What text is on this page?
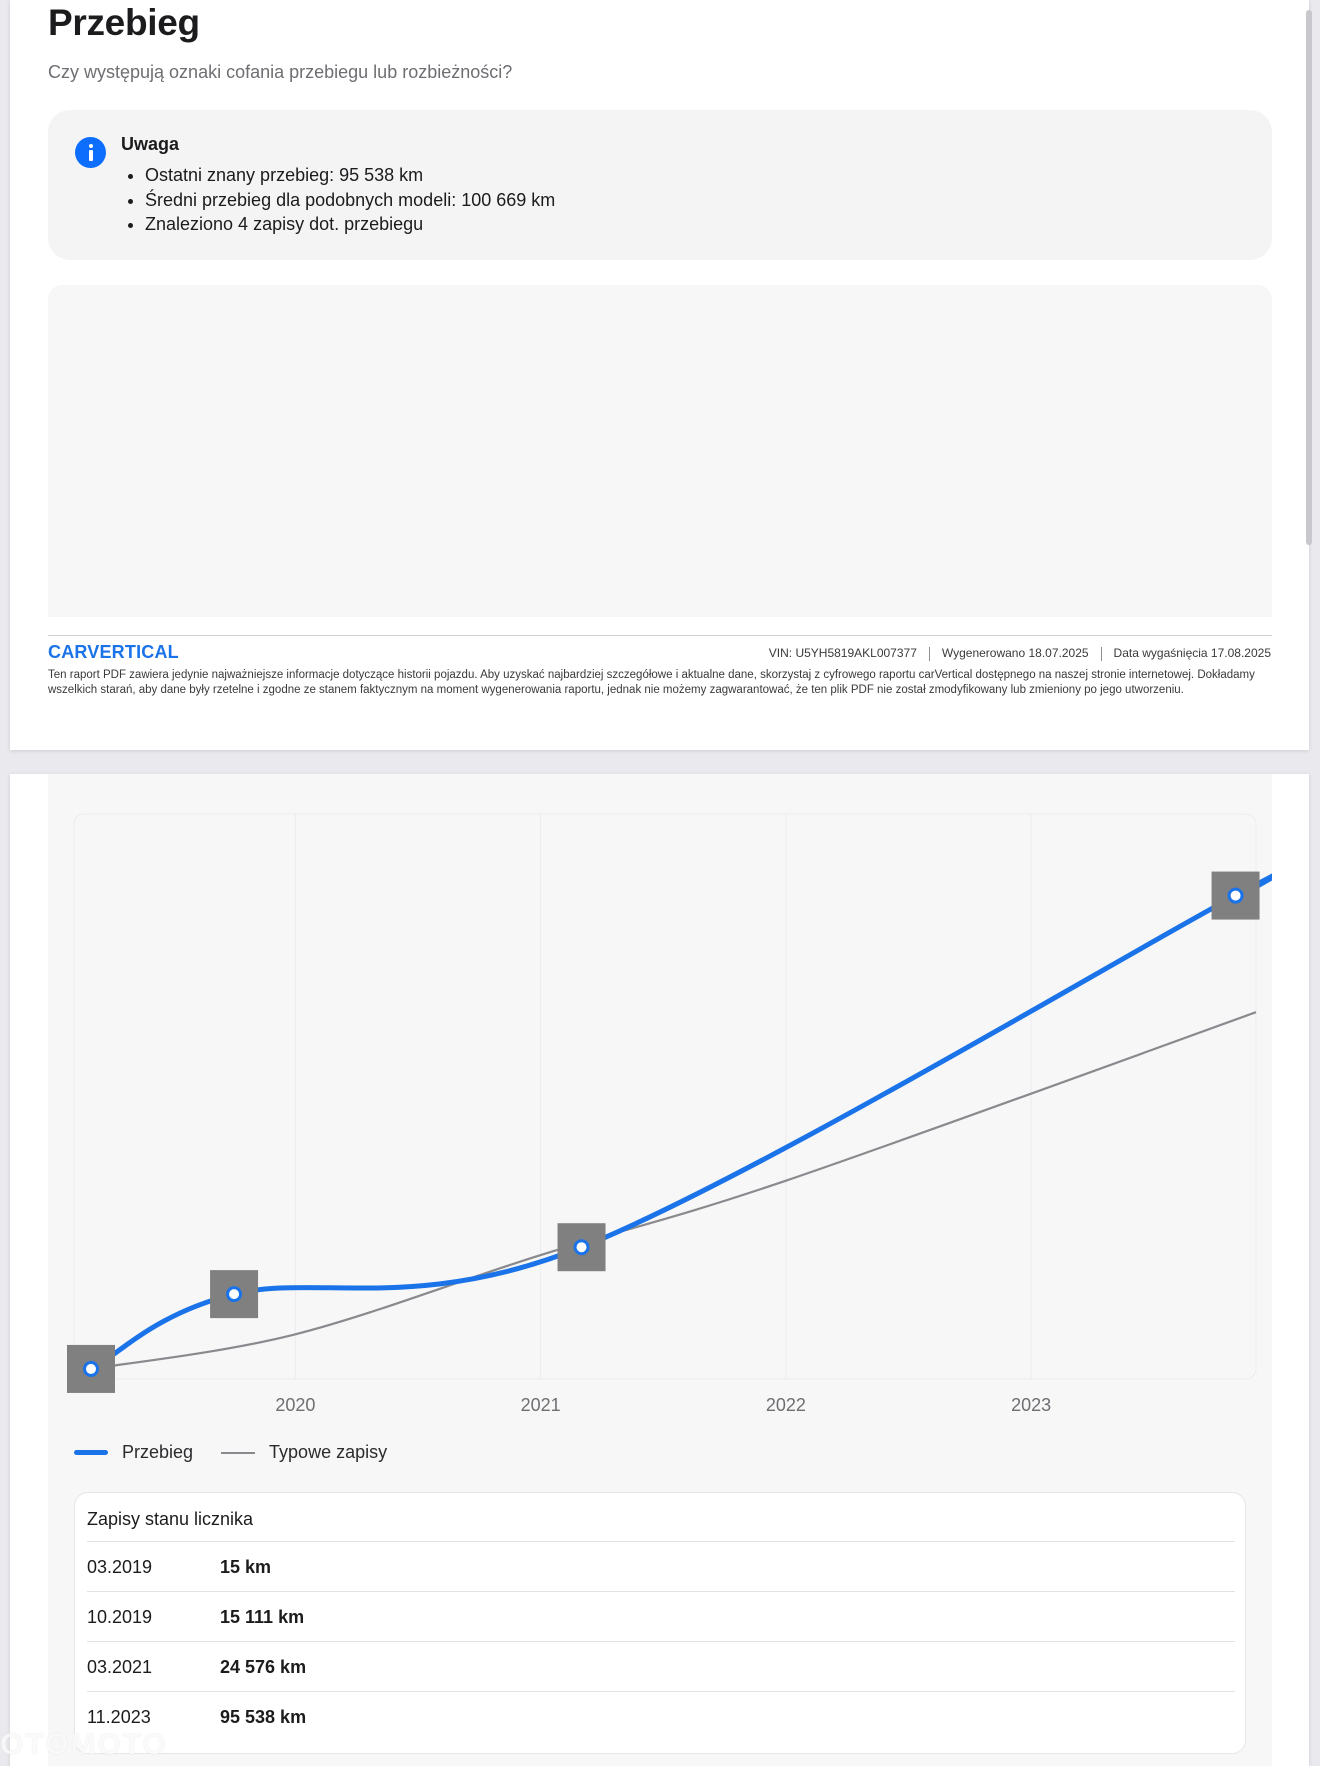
Przebieg
Czy występują oznaki cofania przebiegu lub rozbieżności?
Uwaga
• Ostatni znany przebieg: 95 538 km
• Średni przebieg dla podobnych modeli: 100 669 km
• Znaleziono 4 zapisy dot. przebiegu
CARVERTICAL	VIN: U5YH5819AKL007377	Wygenerowano 18.07.2025	Data wygaśnięcia 17.08.2025
Ten raport PDF zawiera jedynie najważniejsze informacje dotyczące historii pojazdu. Aby uzyskać najbardziej szczegółowe i aktualne dane, skorzystaj z cyfrowego raportu carVertical dostępnego na naszej stronie internetowej. Dokładamy wszelkich starań, aby dane były rzetelne i zgodne ze stanem faktycznym na moment wygenerowania raportu, jednak nie możemy zagwarantować, że ten plik PDF nie został zmodyfikowany lub zmieniony po jego utworzeniu.
2020	2021	2022	2023
Przebieg	Typowe zapisy
Zapisy stanu licznika
03.2019	15 km
10.2019	15 111 km
03.2021	24 576 km
11.2023	95 538 km
OTOMOTO
